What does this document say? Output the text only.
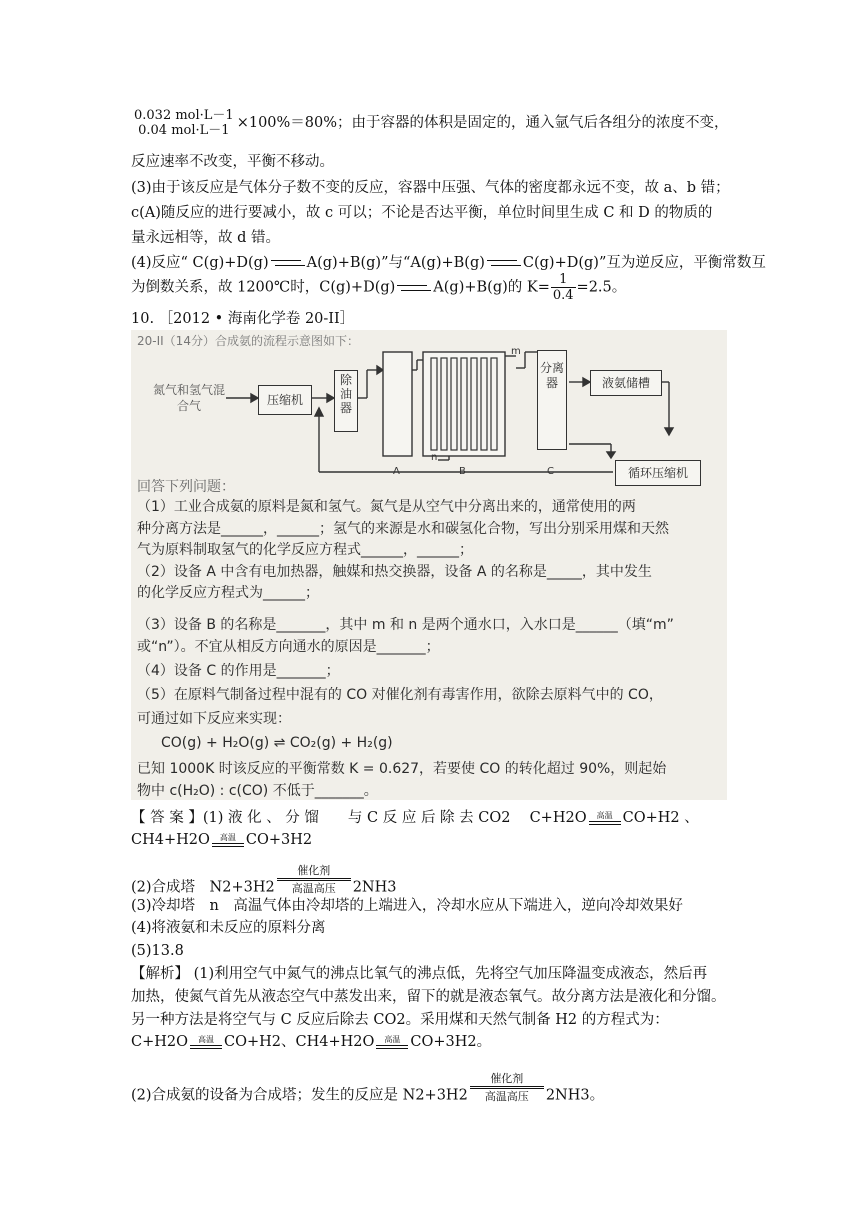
0.032 mol·L－1
0.04 mol·L－1 ×100%＝80%；由于容器的体积是固定的，通入氩气后各组分的浓度不变，
反应速率不改变，平衡不移动。
(3)由于该反应是气体分子数不变的反应，容器中压强、气体的密度都永远不变，故 a、b 错；
c(A)随反应的进行要减小，故 c 可以；不论是否达平衡，单位时间里生成 C 和 D 的物质的
量永远相等，故 d 错。
(4)反应“ C(g)+D(g)	A(g)+B(g)”与“A(g)+B(g)	C(g)+D(g)”互为逆反应，平衡常数互
为倒数关系，故 1200℃时，C(g)+D(g)	A(g)+B(g)的 $K= \frac{1}{0.4} =2.5$。
10. ［2012 • 海南化学卷 20-II］
20-II（14分）合成氨的流程示意图如下：
A	B	C
m
n
氮气和氢气混合气	压缩机
除油器
分离器	液氨储槽
循环压缩机
回答下列问题：
（1）工业合成氨的原料是氮和氢气。氮气是从空气中分离出来的，通常使用的两
种分离方法是______，______；氢气的来源是水和碳氢化合物，写出分别采用煤和天然
气为原料制取氢气的化学反应方程式______，______；
（2）设备 A 中含有电加热器，触媒和热交换器，设备 A 的名称是_____，其中发生
的化学反应方程式为______；
（3）设备 B 的名称是_______，其中 m 和 n 是两个通水口，入水口是______（填“m”
或“n”）。不宜从相反方向通水的原因是_______；
（4）设备 C 的作用是_______；
（5）在原料气制备过程中混有的 CO 对催化剂有毒害作用，欲除去原料气中的 CO，
可通过如下反应来实现：
CO(g) + H₂O(g) ⇌ CO₂(g) + H₂(g)
已知 1000K 时该反应的平衡常数 K = 0.627，若要使 CO 的转化超过 90%，则起始
物中 c(H₂O) : c(CO) 不低于_______。
【 答 案 】(1) 液 化 、 分 馏　　与 C 反 应 后 除 去 CO2　 C+H2O 高温 CO+H2 、
CH4+H2O 高温 CO+3H2
(2)合成塔　N2+3H2催化剂
高温高压 2NH3
(3)冷却塔　n　高温气体由冷却塔的上端进入，冷却水应从下端进入，逆向冷却效果好
(4)将液氨和未反应的原料分离
(5)13.8
【解析】 (1)利用空气中氮气的沸点比氧气的沸点低，先将空气加压降温变成液态，然后再
加热，使氮气首先从液态空气中蒸发出来，留下的就是液态氧气。故分离方法是液化和分馏。
另一种方法是将空气与 C 反应后除去 CO2。采用煤和天然气制备 H2 的方程式为：
C+H2O 高温 CO+H2、CH4+H2O 高温 CO+3H2。
(2)合成氨的设备为合成塔；发生的反应是 N2+3H2催化剂
高温高压 2NH3。
